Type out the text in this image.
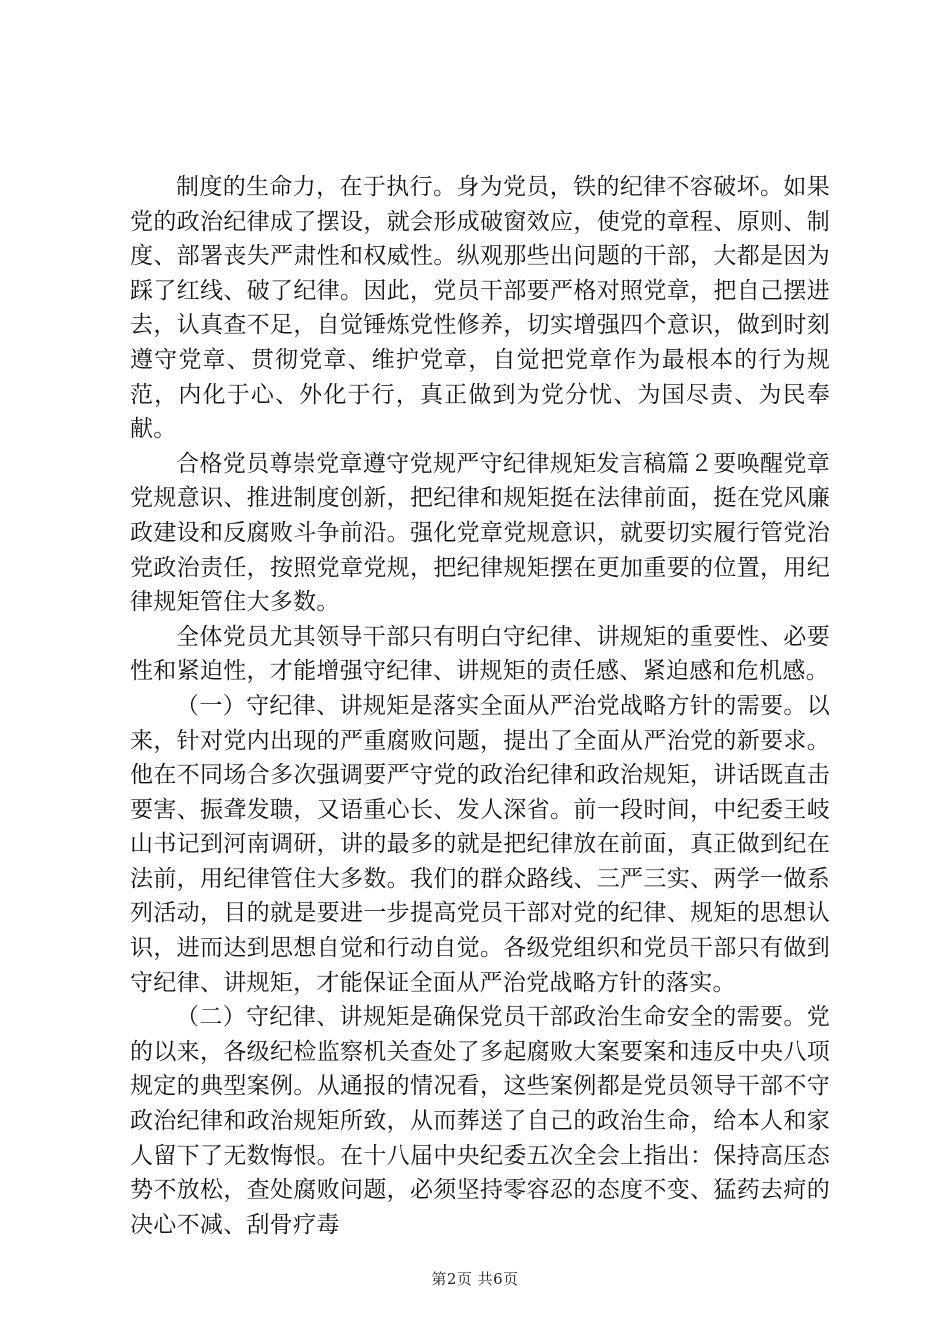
制度的生命力，在于执行。身为党员，铁的纪律不容破坏。如果党的政治纪律成了摆设，就会形成破窗效应，使党的章程、原则、制度、部署丧失严肃性和权威性。纵观那些出问题的干部，大都是因为踩了红线、破了纪律。因此，党员干部要严格对照党章，把自己摆进去，认真查不足，自觉锤炼党性修养，切实增强四个意识，做到时刻遵守党章、贯彻党章、维护党章，自觉把党章作为最根本的行为规范，内化于心、外化于行，真正做到为党分忧、为国尽责、为民奉献。

合格党员尊崇党章遵守党规严守纪律规矩发言稿篇２要唤醒党章党规意识、推进制度创新，把纪律和规矩挺在法律前面，挺在党风廉政建设和反腐败斗争前沿。强化党章党规意识，就要切实履行管党治党政治责任，按照党章党规，把纪律规矩摆在更加重要的位置，用纪律规矩管住大多数。

全体党员尤其领导干部只有明白守纪律、讲规矩的重要性、必要性和紧迫性，才能增强守纪律、讲规矩的责任感、紧迫感和危机感。

（一）守纪律、讲规矩是落实全面从严治党战略方针的需要。以来，针对党内出现的严重腐败问题，提出了全面从严治党的新要求。他在不同场合多次强调要严守党的政治纪律和政治规矩，讲话既直击要害、振聋发聩，又语重心长、发人深省。前一段时间，中纪委王岐山书记到河南调研，讲的最多的就是把纪律放在前面，真正做到纪在法前，用纪律管住大多数。我们的群众路线、三严三实、两学一做系列活动，目的就是要进一步提高党员干部对党的纪律、规矩的思想认识，进而达到思想自觉和行动自觉。各级党组织和党员干部只有做到守纪律、讲规矩，才能保证全面从严治党战略方针的落实。

（二）守纪律、讲规矩是确保党员干部政治生命安全的需要。党的以来，各级纪检监察机关查处了多起腐败大案要案和违反中央八项规定的典型案例。从通报的情况看，这些案例都是党员领导干部不守政治纪律和政治规矩所致，从而葬送了自己的政治生命，给本人和家人留下了无数悔恨。在十八届中央纪委五次全会上指出：保持高压态势不放松，查处腐败问题，必须坚持零容忍的态度不变、猛药去疴的决心不减、刮骨疗毒

第2页 共6页
